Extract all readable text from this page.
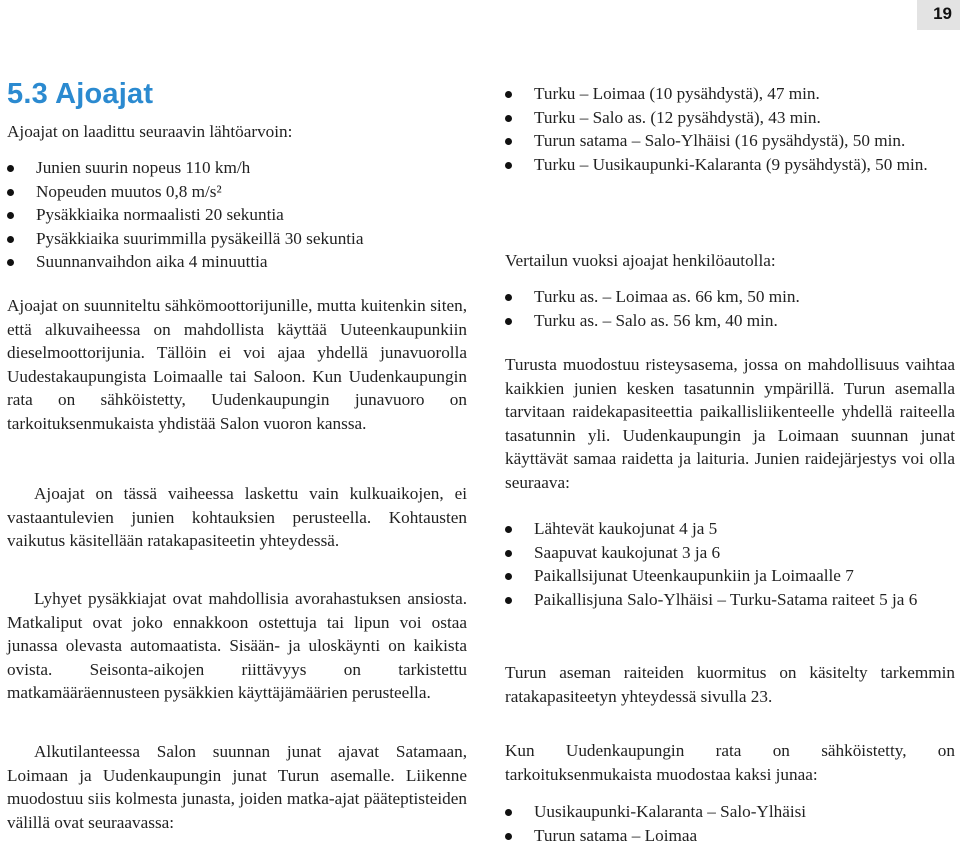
19
5.3 Ajoajat

Ajoajat on laadittu seuraavin lähtöarvoin:

Junien suurin nopeus 110 km/h
Nopeuden muutos 0,8 m/s²
Pysäkkiaika normaalisti 20 sekuntia
Pysäkkiaika suurimmilla pysäkeillä 30 sekuntia
Suunnanvaihdon aika 4 minuuttia

Ajoajat on suunniteltu sähkömoottorijunille, mutta kuitenkin siten, että alkuvaiheessa on mahdollista käyttää Uuteenkaupunkiin dieselmoottorijunia. Tällöin ei voi ajaa yhdellä junavuorolla Uudestakaupungista Loimaalle tai Saloon. Kun Uudenkaupungin rata on sähköistetty, Uudenkaupungin junavuoro on tarkoituksenmukaista yhdistää Salon vuoron kanssa.

Ajoajat on tässä vaiheessa laskettu vain kulkuaikojen, ei vastaantulevien junien kohtauksien perusteella. Kohtausten vaikutus käsitellään ratakapasiteetin yhteydessä.

Lyhyet pysäkkiajat ovat mahdollisia avorahastuksen ansiosta. Matkaliput ovat joko ennakkoon ostettuja tai lipun voi ostaa junassa olevasta automaatista. Sisään- ja uloskäynti on kaikista ovista. Seisonta-aikojen riittävyys on tarkistettu matkamääräennusteen pysäkkien käyttäjämäärien perusteella.

Alkutilanteessa Salon suunnan junat ajavat Satamaan, Loimaan ja Uudenkaupungin junat Turun asemalle. Liikenne muodostuu siis kolmesta junasta, joiden matka-ajat pääteptisteiden välillä ovat seuraavassa:

Turku – Loimaa (10 pysähdystä), 47 min.
Turku – Salo as. (12 pysähdystä), 43 min.
Turun satama – Salo-Ylhäisi (16 pysähdystä), 50 min.
Turku – Uusikaupunki-Kalaranta (9 pysähdystä), 50 min.

Vertailun vuoksi ajoajat henkilöautolla:

Turku as. – Loimaa as. 66 km, 50 min.
Turku as. – Salo as. 56 km, 40 min.

Turusta muodostuu risteysasema, jossa on mahdollisuus vaihtaa kaikkien junien kesken tasatunnin ympärillä. Turun asemalla tarvitaan raidekapasiteettia paikallisliikenteelle yhdellä raiteella tasatunnin yli. Uudenkaupungin ja Loimaan suunnan junat käyttävät samaa raidetta ja laituria. Junien raidejärjestys voi olla seuraava:

Lähtevät kaukojunat 4 ja 5
Saapuvat kaukojunat 3 ja 6
Paikallsijunat Uteenkaupunkiin ja Loimaalle 7
Paikallisjuna Salo-Ylhäisi – Turku-Satama raiteet 5 ja 6

Turun aseman raiteiden kuormitus on käsitelty tarkemmin ratakapasiteetyn yhteydessä sivulla 23.

Kun Uudenkaupungin rata on sähköistetty, on tarkoituksenmukaista muodostaa kaksi junaa:

Uusikaupunki-Kalaranta – Salo-Ylhäisi
Turun satama – Loimaa
